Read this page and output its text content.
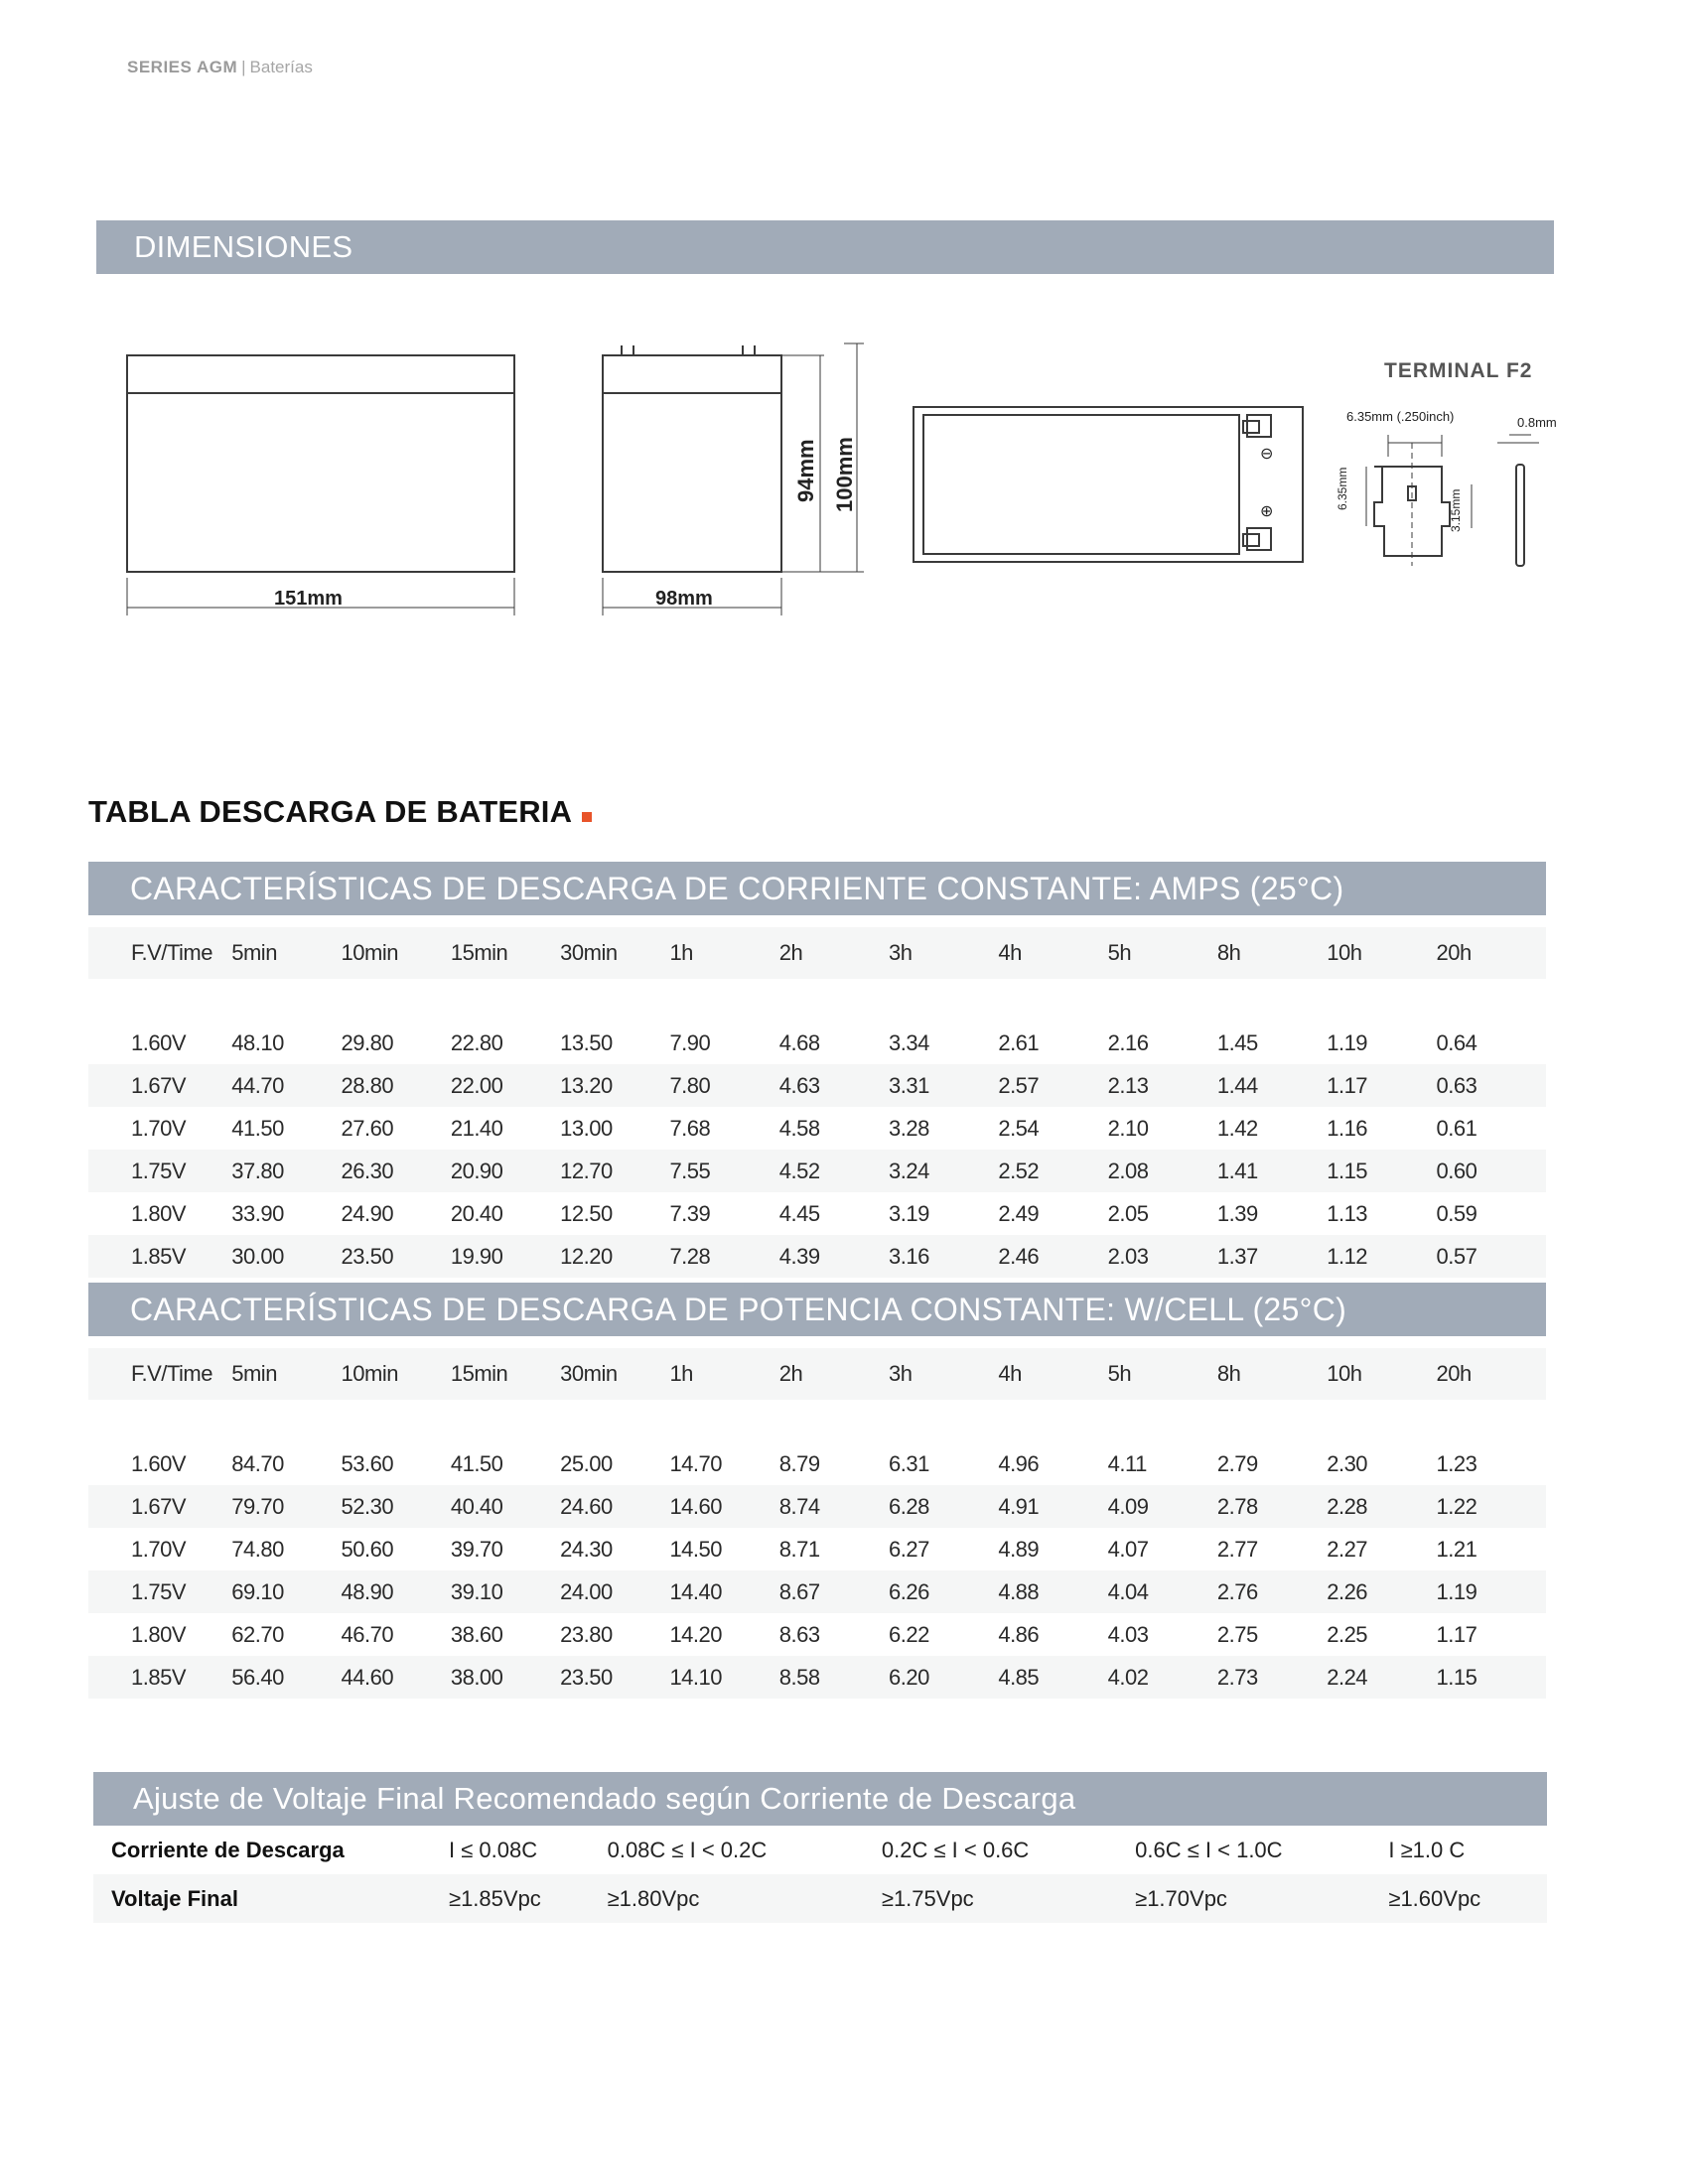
SERIES AGM | Baterías
DIMENSIONES
151mm	98mm
94mm 100mm	⊖
⊕
TERMINAL F2
6.35mm (.250inch)	0.8mm
6.35mm
3.15mm
TABLA DESCARGA DE BATERIA
CARACTERÍSTICAS DE DESCARGA DE CORRIENTE CONSTANTE: AMPS (25°C)
F.V/Time	5min	10min	15min	30min	1h	2h	3h	4h	5h	8h	10h	20h

1.60V	48.10	29.80	22.80	13.50	7.90	4.68	3.34	2.61	2.16	1.45	1.19	0.64
1.67V	44.70	28.80	22.00	13.20	7.80	4.63	3.31	2.57	2.13	1.44	1.17	0.63
1.70V	41.50	27.60	21.40	13.00	7.68	4.58	3.28	2.54	2.10	1.42	1.16	0.61
1.75V	37.80	26.30	20.90	12.70	7.55	4.52	3.24	2.52	2.08	1.41	1.15	0.60
1.80V	33.90	24.90	20.40	12.50	7.39	4.45	3.19	2.49	2.05	1.39	1.13	0.59
1.85V	30.00	23.50	19.90	12.20	7.28	4.39	3.16	2.46	2.03	1.37	1.12	0.57
CARACTERÍSTICAS DE DESCARGA DE POTENCIA CONSTANTE: W/CELL (25°C)
F.V/Time	5min	10min	15min	30min	1h	2h	3h	4h	5h	8h	10h	20h

1.60V	84.70	53.60	41.50	25.00	14.70	8.79	6.31	4.96	4.11	2.79	2.30	1.23
1.67V	79.70	52.30	40.40	24.60	14.60	8.74	6.28	4.91	4.09	2.78	2.28	1.22
1.70V	74.80	50.60	39.70	24.30	14.50	8.71	6.27	4.89	4.07	2.77	2.27	1.21
1.75V	69.10	48.90	39.10	24.00	14.40	8.67	6.26	4.88	4.04	2.76	2.26	1.19
1.80V	62.70	46.70	38.60	23.80	14.20	8.63	6.22	4.86	4.03	2.75	2.25	1.17
1.85V	56.40	44.60	38.00	23.50	14.10	8.58	6.20	4.85	4.02	2.73	2.24	1.15
Ajuste de Voltaje Final Recomendado según Corriente de Descarga
Corriente de Descarga	I ≤ 0.08C	0.08C ≤ I < 0.2C	0.2C ≤ I < 0.6C	0.6C ≤ I < 1.0C	I ≥1.0 C
Voltaje Final	≥1.85Vpc	≥1.80Vpc	≥1.75Vpc	≥1.70Vpc	≥1.60Vpc
